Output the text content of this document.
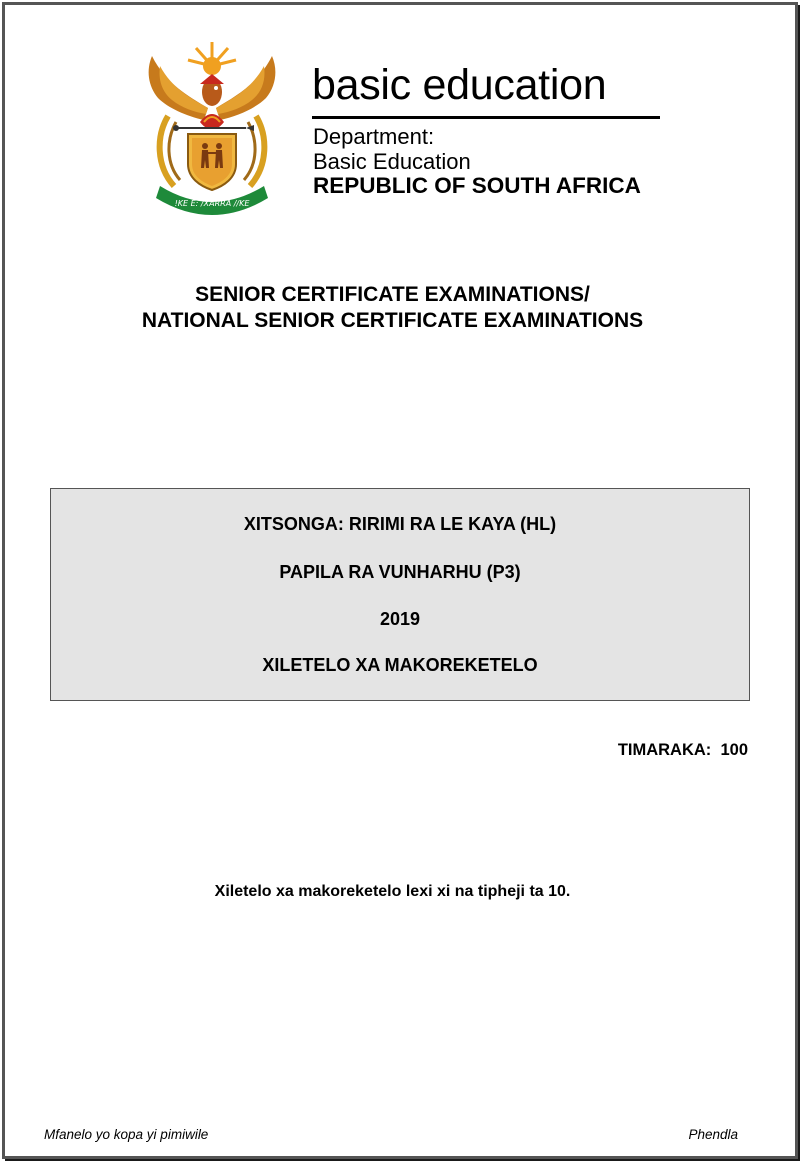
!KE E: /XARRA //KE
basic education
Department:
Basic Education
REPUBLIC OF SOUTH AFRICA
SENIOR CERTIFICATE EXAMINATIONS/
NATIONAL SENIOR CERTIFICATE EXAMINATIONS
XITSONGA: RIRIMI RA LE KAYA (HL)
PAPILA RA VUNHARHU (P3)
2019
XILETELO XA MAKOREKETELO
TIMARAKA:  100
Xiletelo xa makoreketelo lexi xi na tipheji ta 10.
Mfanelo yo kopa yi pimiwile	Phendla
